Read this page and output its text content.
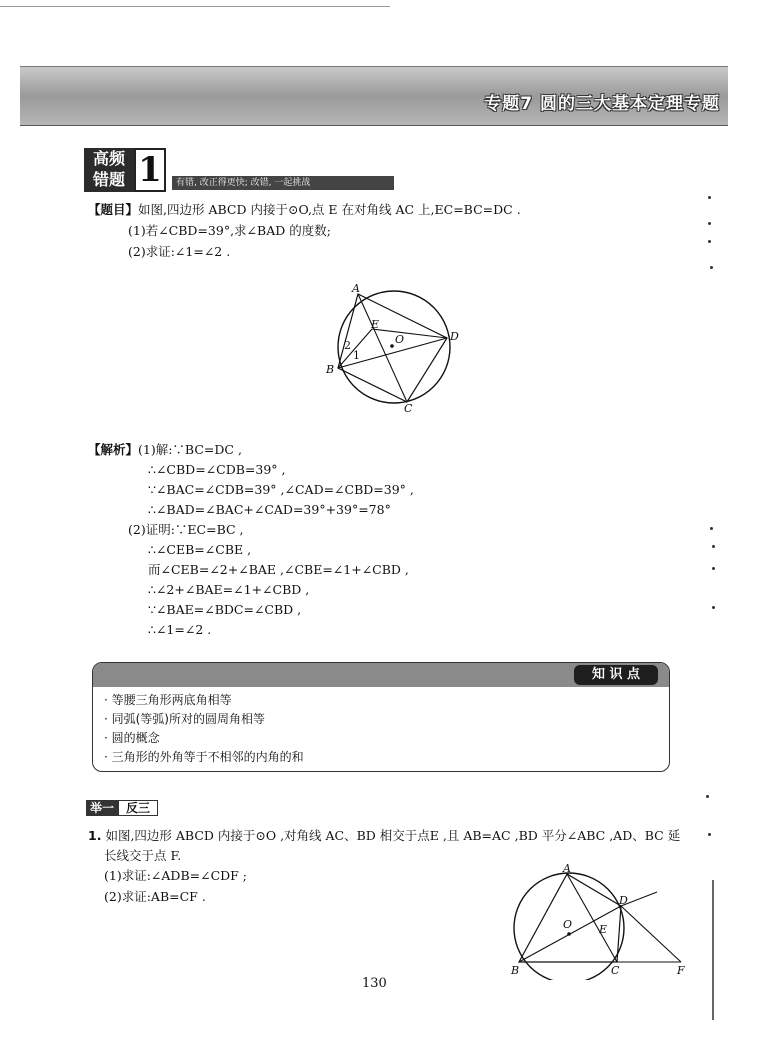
专题7 圆的三大基本定理专题
高频
错题 1	有错, 改正得更快; 改错, 一起挑战
【题目】如图,四边形 ABCD 内接于⊙O,点 E 在对角线 AC 上,EC=BC=DC .
(1)若∠CBD=39°,求∠BAD 的度数;
(2)求证:∠1=∠2 .
A
B
C
D
E
O
1
2
【解析】(1)解:∵BC=DC ,
∴∠CBD=∠CDB=39° ,
∵∠BAC=∠CDB=39° ,∠CAD=∠CBD=39° ,
∴∠BAD=∠BAC+∠CAD=39°+39°=78°
(2)证明:∵EC=BC ,
∴∠CEB=∠CBE ,
而∠CEB=∠2+∠BAE ,∠CBE=∠1+∠CBD ,
∴∠2+∠BAE=∠1+∠CBD ,
∵∠BAE=∠BDC=∠CBD ,
∴∠1=∠2 .
知 识 点
· 等腰三角形两底角相等
· 同弧(等弧)所对的圆周角相等
· 圆的概念
· 三角形的外角等于不相邻的内角的和
举一 反三
1. 如图,四边形 ABCD 内接于⊙O ,对角线 AC、BD 相交于点E ,且 AB=AC ,BD 平分∠ABC ,AD、BC 延
长线交于点 F.
(1)求证:∠ADB=∠CDF ;
(2)求证:AB=CF .
A
B	C
D
E
F
O
130
